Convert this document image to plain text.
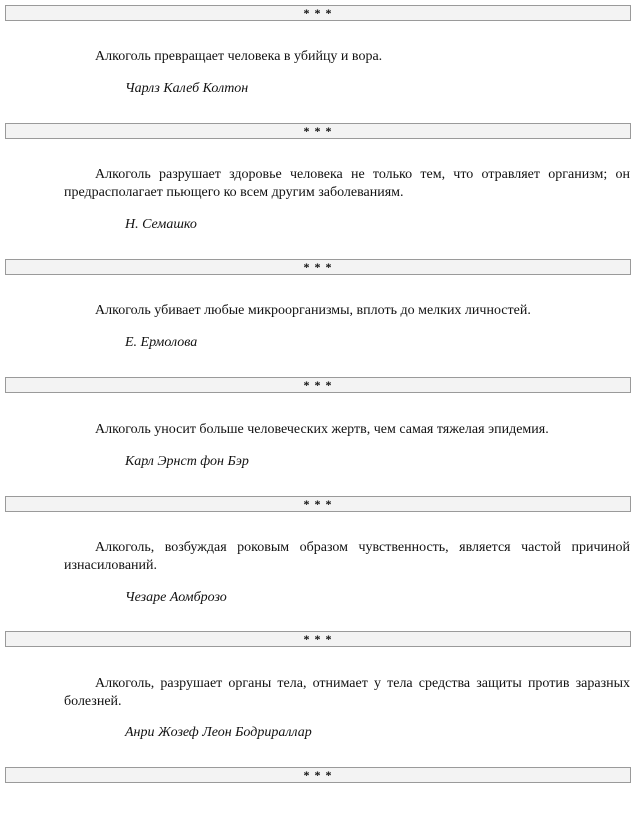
* * *

Алкоголь превращает человека в убийцу и вора.

Чарлз Калеб Колтон

* * *

Алкоголь разрушает здоровье человека не только тем, что отравляет организм; он предрасполагает пьющего ко всем другим заболеваниям.

Н. Семашко

* * *

Алкоголь убивает любые микроорганизмы, вплоть до мелких личностей.

Е. Ермолова

* * *

Алкоголь уносит больше человеческих жертв, чем самая тяжелая эпидемия.

Карл Эрнст фон Бэр

* * *

Алкоголь, возбуждая роковым образом чувственность, является частой причиной изнасилований.

Чезаре Аомброзо

* * *

Алкоголь, разрушает органы тела, отнимает у тела средства защиты против заразных болезней.

Анри Жозеф Леон Бодрираллар

* * *
